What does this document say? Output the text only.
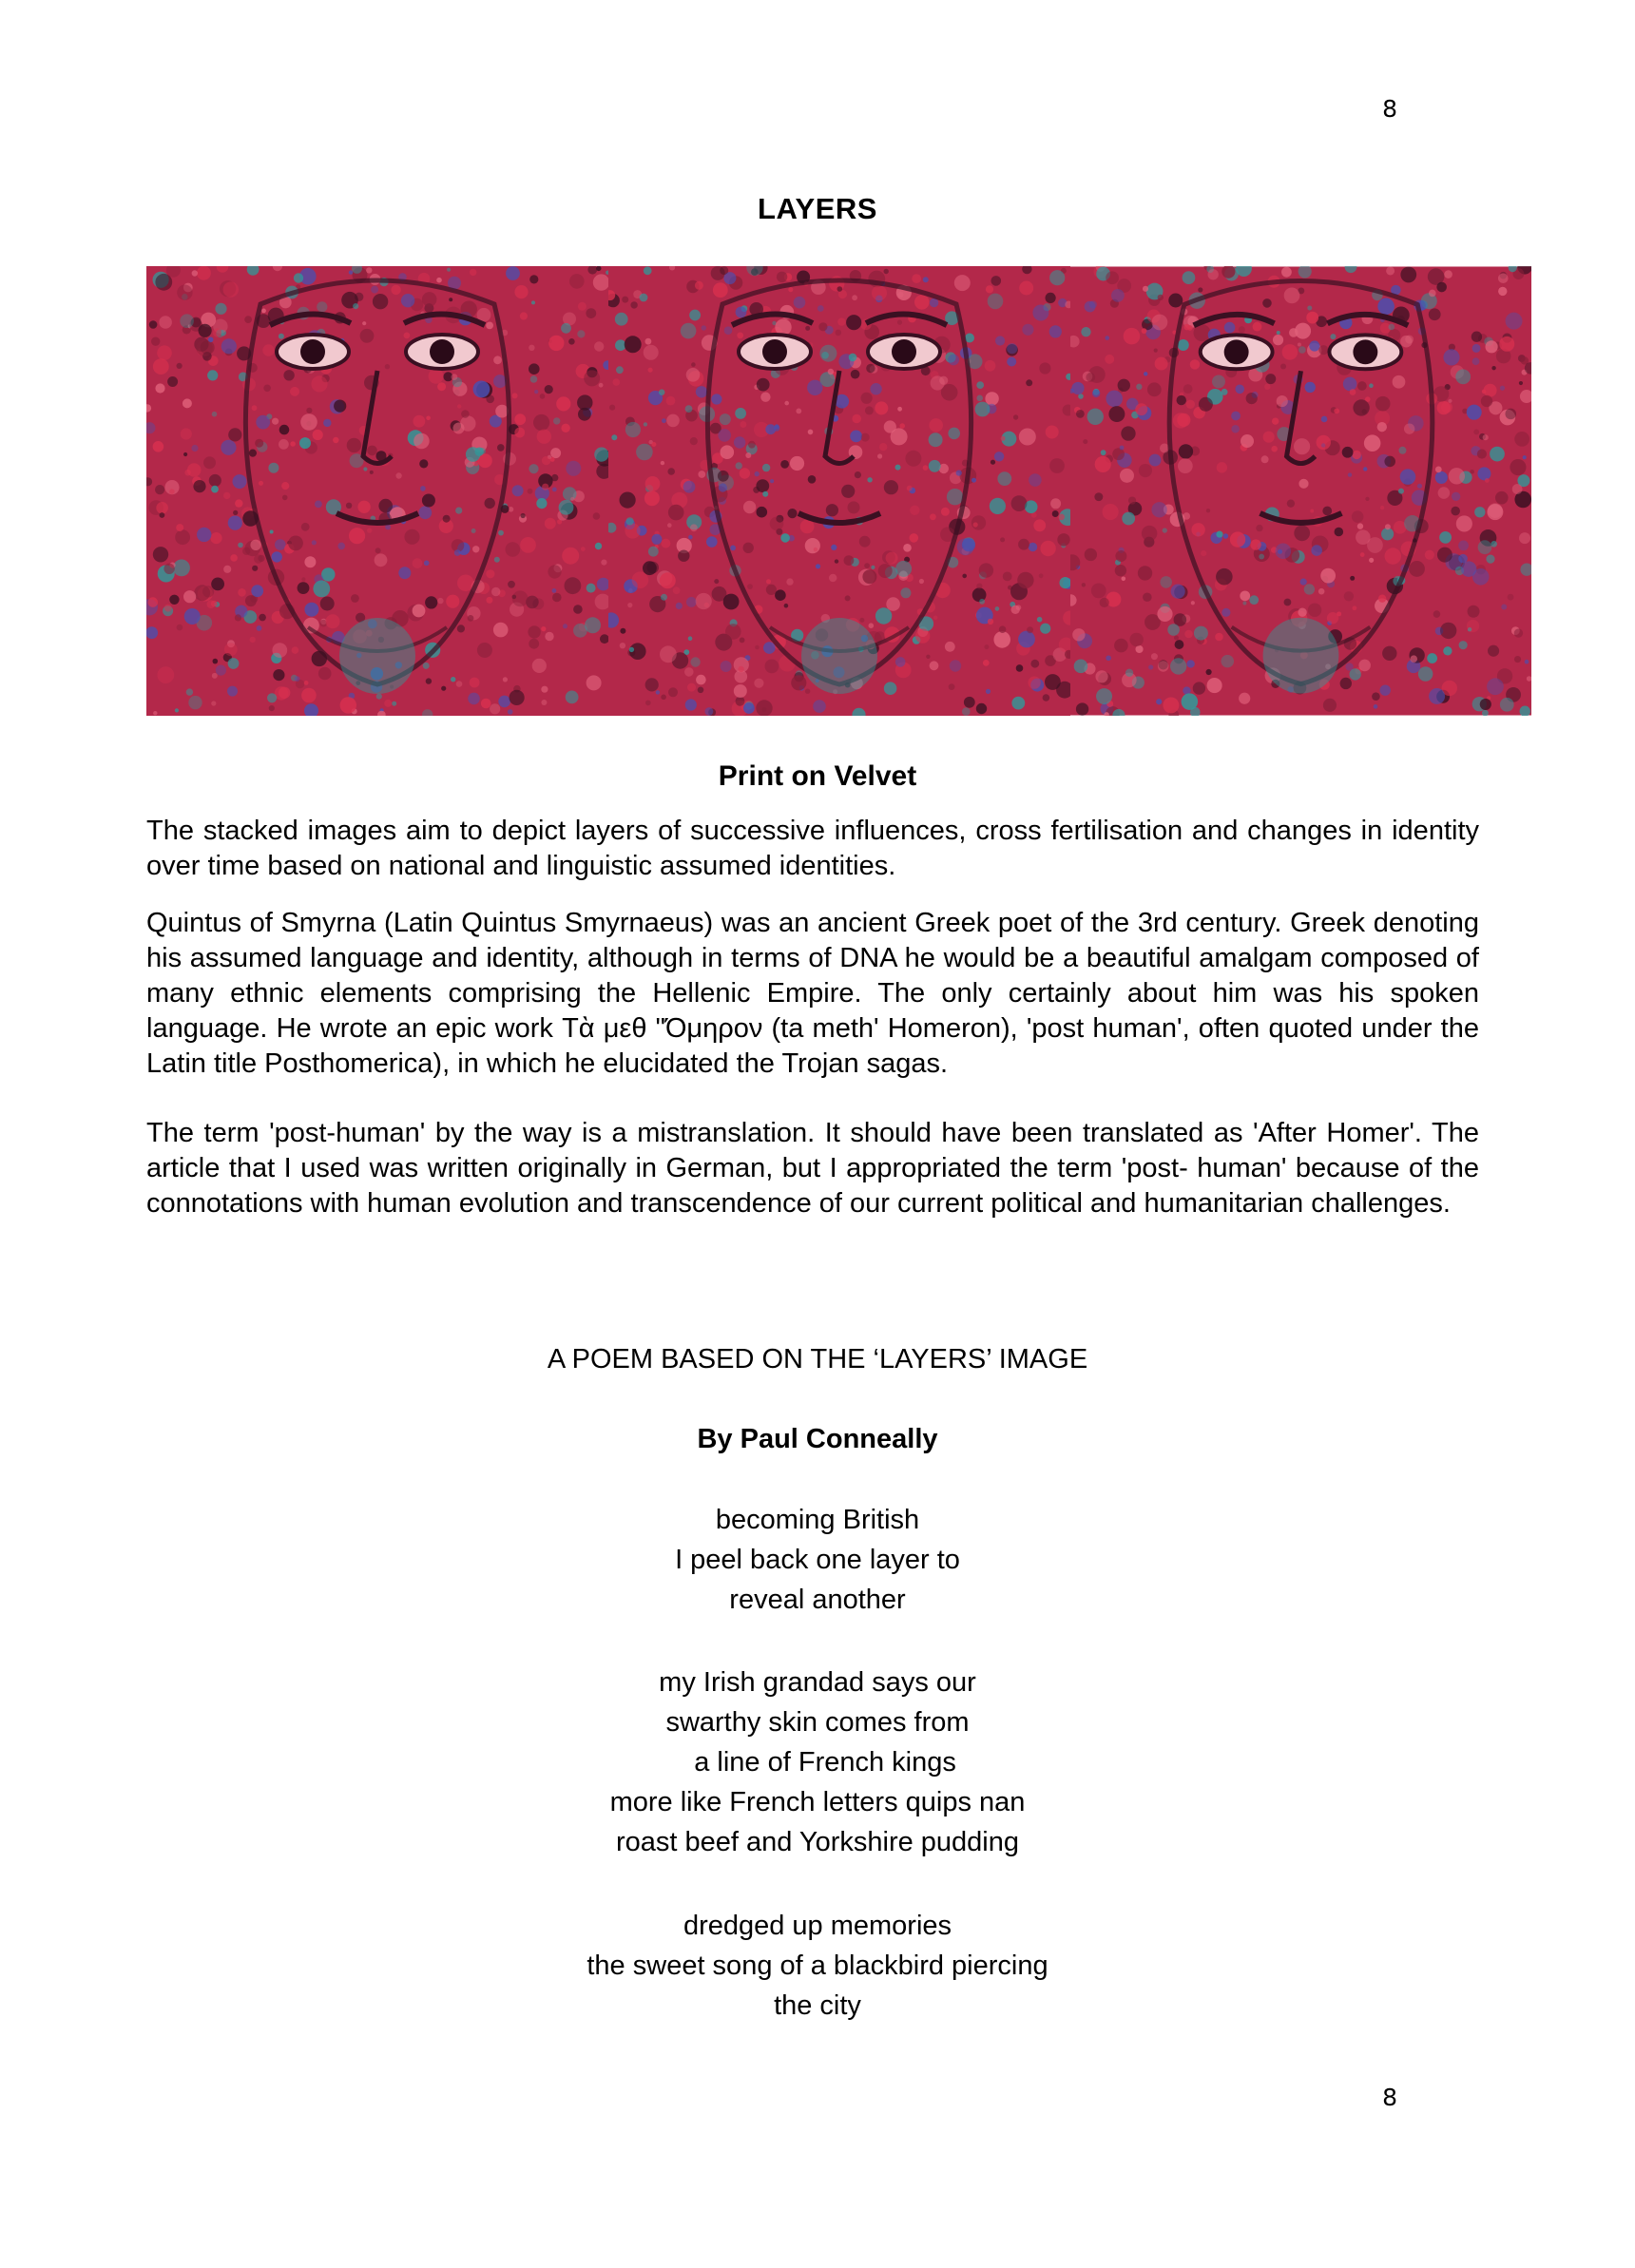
8
LAYERS
Print on Velvet

The stacked images aim to depict layers of successive influences, cross fertilisation and changes in identity over time based on national and linguistic assumed identities.

Quintus of Smyrna (Latin Quintus Smyrnaeus) was an ancient Greek poet of the 3rd century. Greek denoting his assumed language and identity, although in terms of DNA he would be a beautiful amalgam composed of many ethnic elements comprising the Hellenic Empire. The only certainly about him was his spoken language. He wrote an epic work Τὰ μεθ "Όμηρον (ta meth' Homeron), 'post human', often quoted under the Latin title Posthomerica), in which he elucidated the Trojan sagas.

The term 'post-human' by the way is a mistranslation. It should have been translated as 'After Homer'. The article that I used was written originally in German, but I appropriated the term 'post- human' because of the connotations with human evolution and transcendence of our current political and humanitarian challenges.

A POEM BASED ON THE ‘LAYERS’ IMAGE
By Paul Conneally
becoming British
I peel back one layer to
reveal another
my Irish grandad says our
swarthy skin comes from
a line of French kings
more like French letters quips nan
roast beef and Yorkshire pudding
dredged up memories
the sweet song of a blackbird piercing
the city
8
